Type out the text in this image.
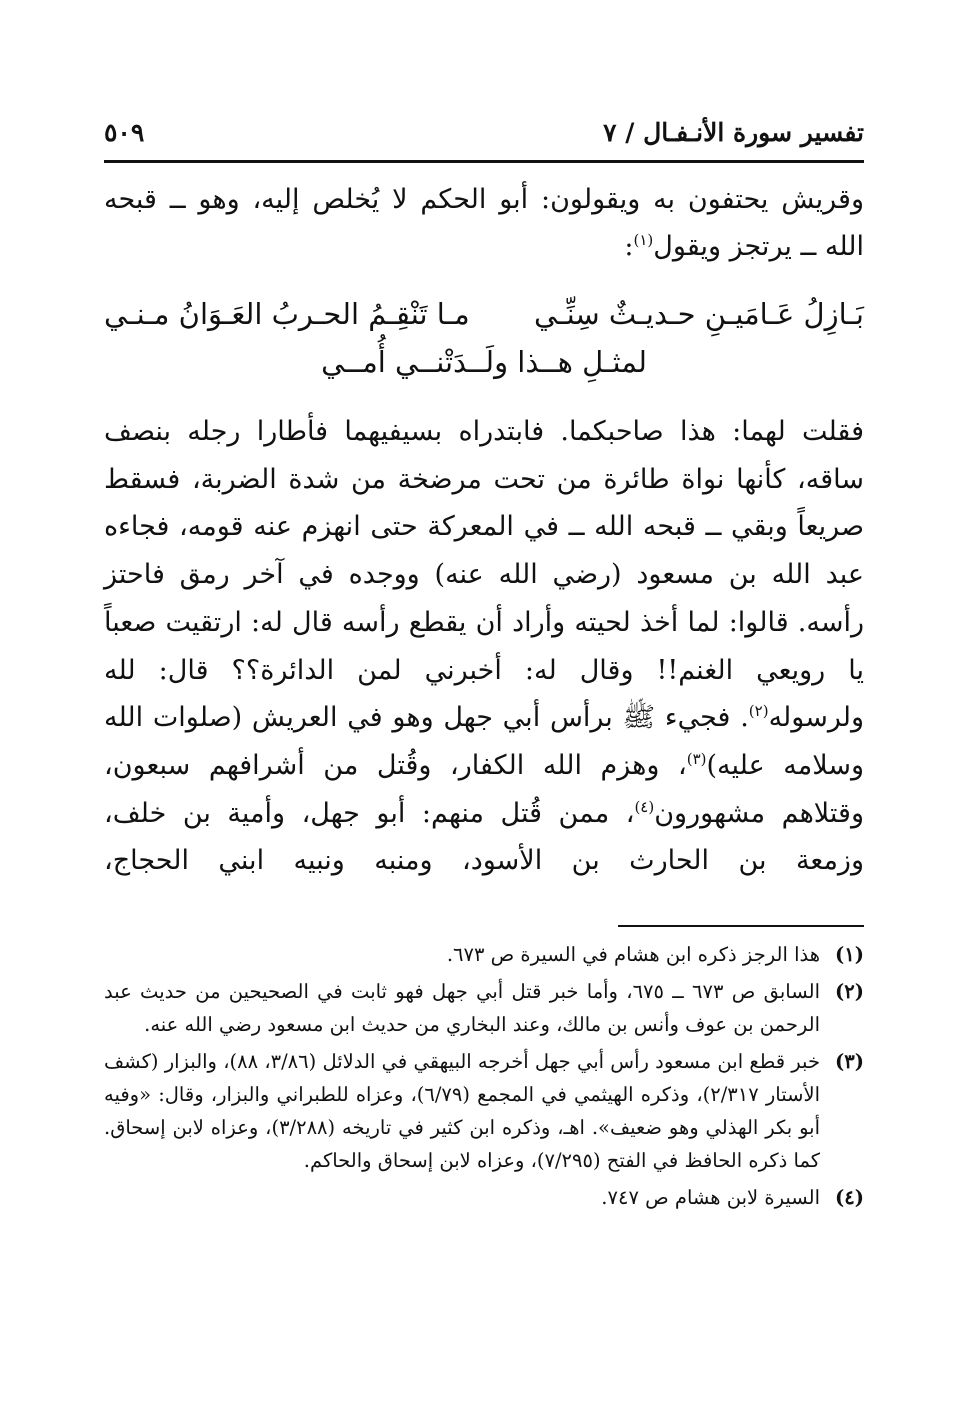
تفسير سورة الأنـفـال / ٧
٥٠٩

وقريش يحتفون به ويقولون: أبو الحكم لا يُخلص إليه، وهو ــ قبحه الله ــ يرتجز ويقول$^{(١)}$:

بَـازِلُ عَـامَيـنِ حـديـثٌ سِنِّـي
مـا تَنْقِـمُ الحـربُ العَـوَانُ مـنـي
لمثـلِ هــذا ولَــدَتْنــي أُمــي

فقلت لهما: هذا صاحبكما. فابتدراه بسيفيهما فأطارا رجله بنصف ساقه، كأنها نواة طائرة من تحت مرضخة من شدة الضربة، فسقط صريعاً وبقي ــ قبحه الله ــ في المعركة حتى انهزم عنه قومه، فجاءه عبد الله بن مسعود (رضي الله عنه) ووجده في آخر رمق فاحتز رأسه. قالوا: لما أخذ لحيته وأراد أن يقطع رأسه قال له: ارتقيت صعباً يا رويعي الغنم!! وقال له: أخبرني لمن الدائرة؟؟ قال: لله ولرسوله$^{(٢)}$. فجيء ﷺ برأس أبي جهل وهو في العريش (صلوات الله وسلامه عليه)$^{(٣)}$، وهزم الله الكفار، وقُتل من أشرافهم سبعون، وقتلاهم مشهورون$^{(٤)}$، ممن قُتل منهم: أبو جهل، وأمية بن خلف، وزمعة بن الحارث بن الأسود، ومنبه ونبيه ابني الحجاج،

(١)
هذا الرجز ذكره ابن هشام في السيرة ص ٦٧٣.
(٢)
السابق ص ٦٧٣ ــ ٦٧٥، وأما خبر قتل أبي جهل فهو ثابت في الصحيحين من حديث عبد الرحمن بن عوف وأنس بن مالك، وعند البخاري من حديث ابن مسعود رضي الله عنه.
(٣)
خبر قطع ابن مسعود رأس أبي جهل أخرجه البيهقي في الدلائل (٣/٨٦، ٨٨)، والبزار (كشف الأستار ٢/٣١٧)، وذكره الهيثمي في المجمع (٦/٧٩)، وعزاه للطبراني والبزار، وقال: «وفيه أبو بكر الهذلي وهو ضعيف». اهـ، وذكره ابن كثير في تاريخه (٣/٢٨٨)، وعزاه لابن إسحاق. كما ذكره الحافظ في الفتح (٧/٢٩٥)، وعزاه لابن إسحاق والحاكم.
(٤)
السيرة لابن هشام ص ٧٤٧.
